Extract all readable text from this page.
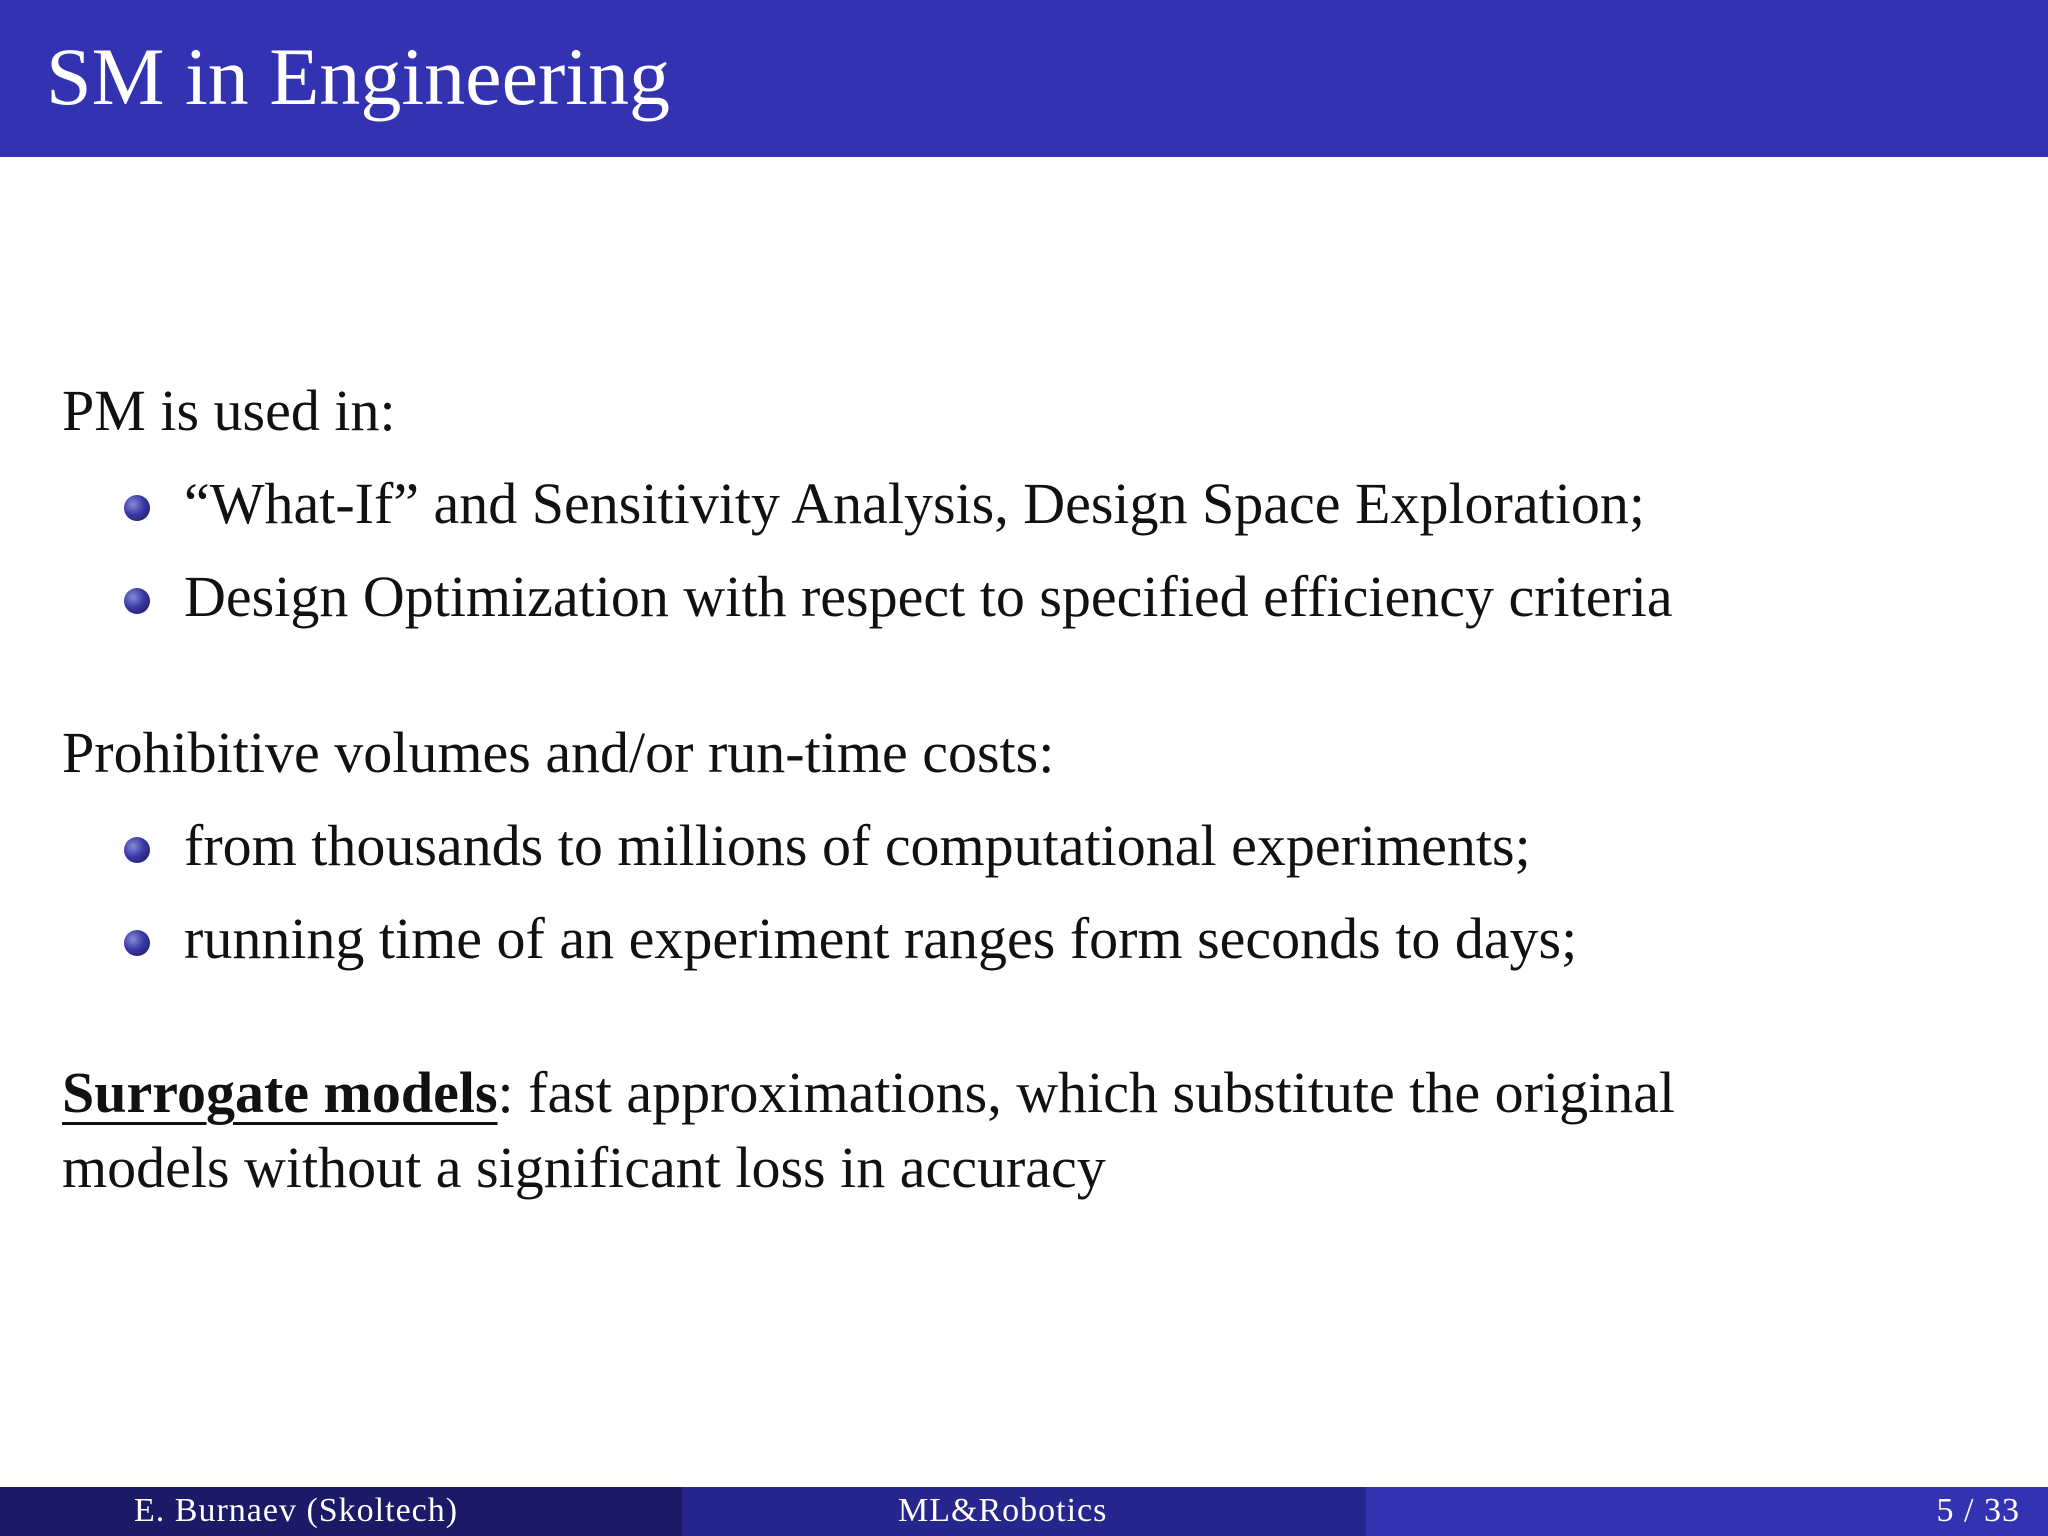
SM in Engineering
PM is used in:
“What-If” and Sensitivity Analysis, Design Space Exploration;
Design Optimization with respect to specified efficiency criteria
Prohibitive volumes and/or run-time costs:
from thousands to millions of computational experiments;
running time of an experiment ranges form seconds to days;
Surrogate models: fast approximations, which substitute the original
models without a significant loss in accuracy
E. Burnaev (Skoltech)	ML&Robotics	5 / 33
